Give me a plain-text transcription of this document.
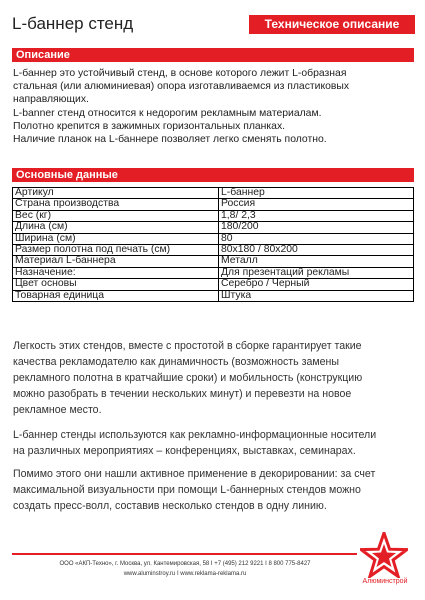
L-баннер стенд	Техническое описание
Описание

L-баннер это устойчивый стенд, в основе которого лежит L-образная

стальная (или алюминиевая) опора изготавливаемся из пластиковых

направляющих.

L-banner стенд относится к недорогим рекламным материалам.

Полотно крепится в зажимных горизонтальных планках.

Наличие планок на L-баннере позволяет легко сменять полотно.

Основные данные
Артикул	L-баннер
Страна производства	Россия
Вес (кг)	1,8/ 2,3
Длина (см)	180/200
Ширина (см)	80
Размер полотна под печать (см)	80x180 / 80x200
Материал L-баннера	Металл
Назначение:	Для презентаций рекламы
Цвет основы	Серебро / Черный
Товарная единица	Штука

Легкость этих стендов, вместе с простотой в сборке гарантирует такие

качества рекламодателю как динамичность (возможность замены

рекламного полотна в кратчайшие сроки) и мобильность (конструкцию

можно разобрать в течении нескольких минут) и перевезти на новое

рекламное место.

L-баннер стенды используются как рекламно-информационные носители

на различных мероприятиях – конференциях, выставках, семинарах.

Помимо этого они нашли активное применение в декорировании: за счет

максимальной визуальности при помощи L-баннерных стендов можно

создать пресс-волл, составив несколько стендов в одну линию.

ООО «АКП-Техно», г. Москва, ул. Кантемировская, 58 I +7 (495) 212 9221 I 8 800 775-8427
www.aluminstroy.ru I www.reklama-reklama.ru
Алюминстрой
